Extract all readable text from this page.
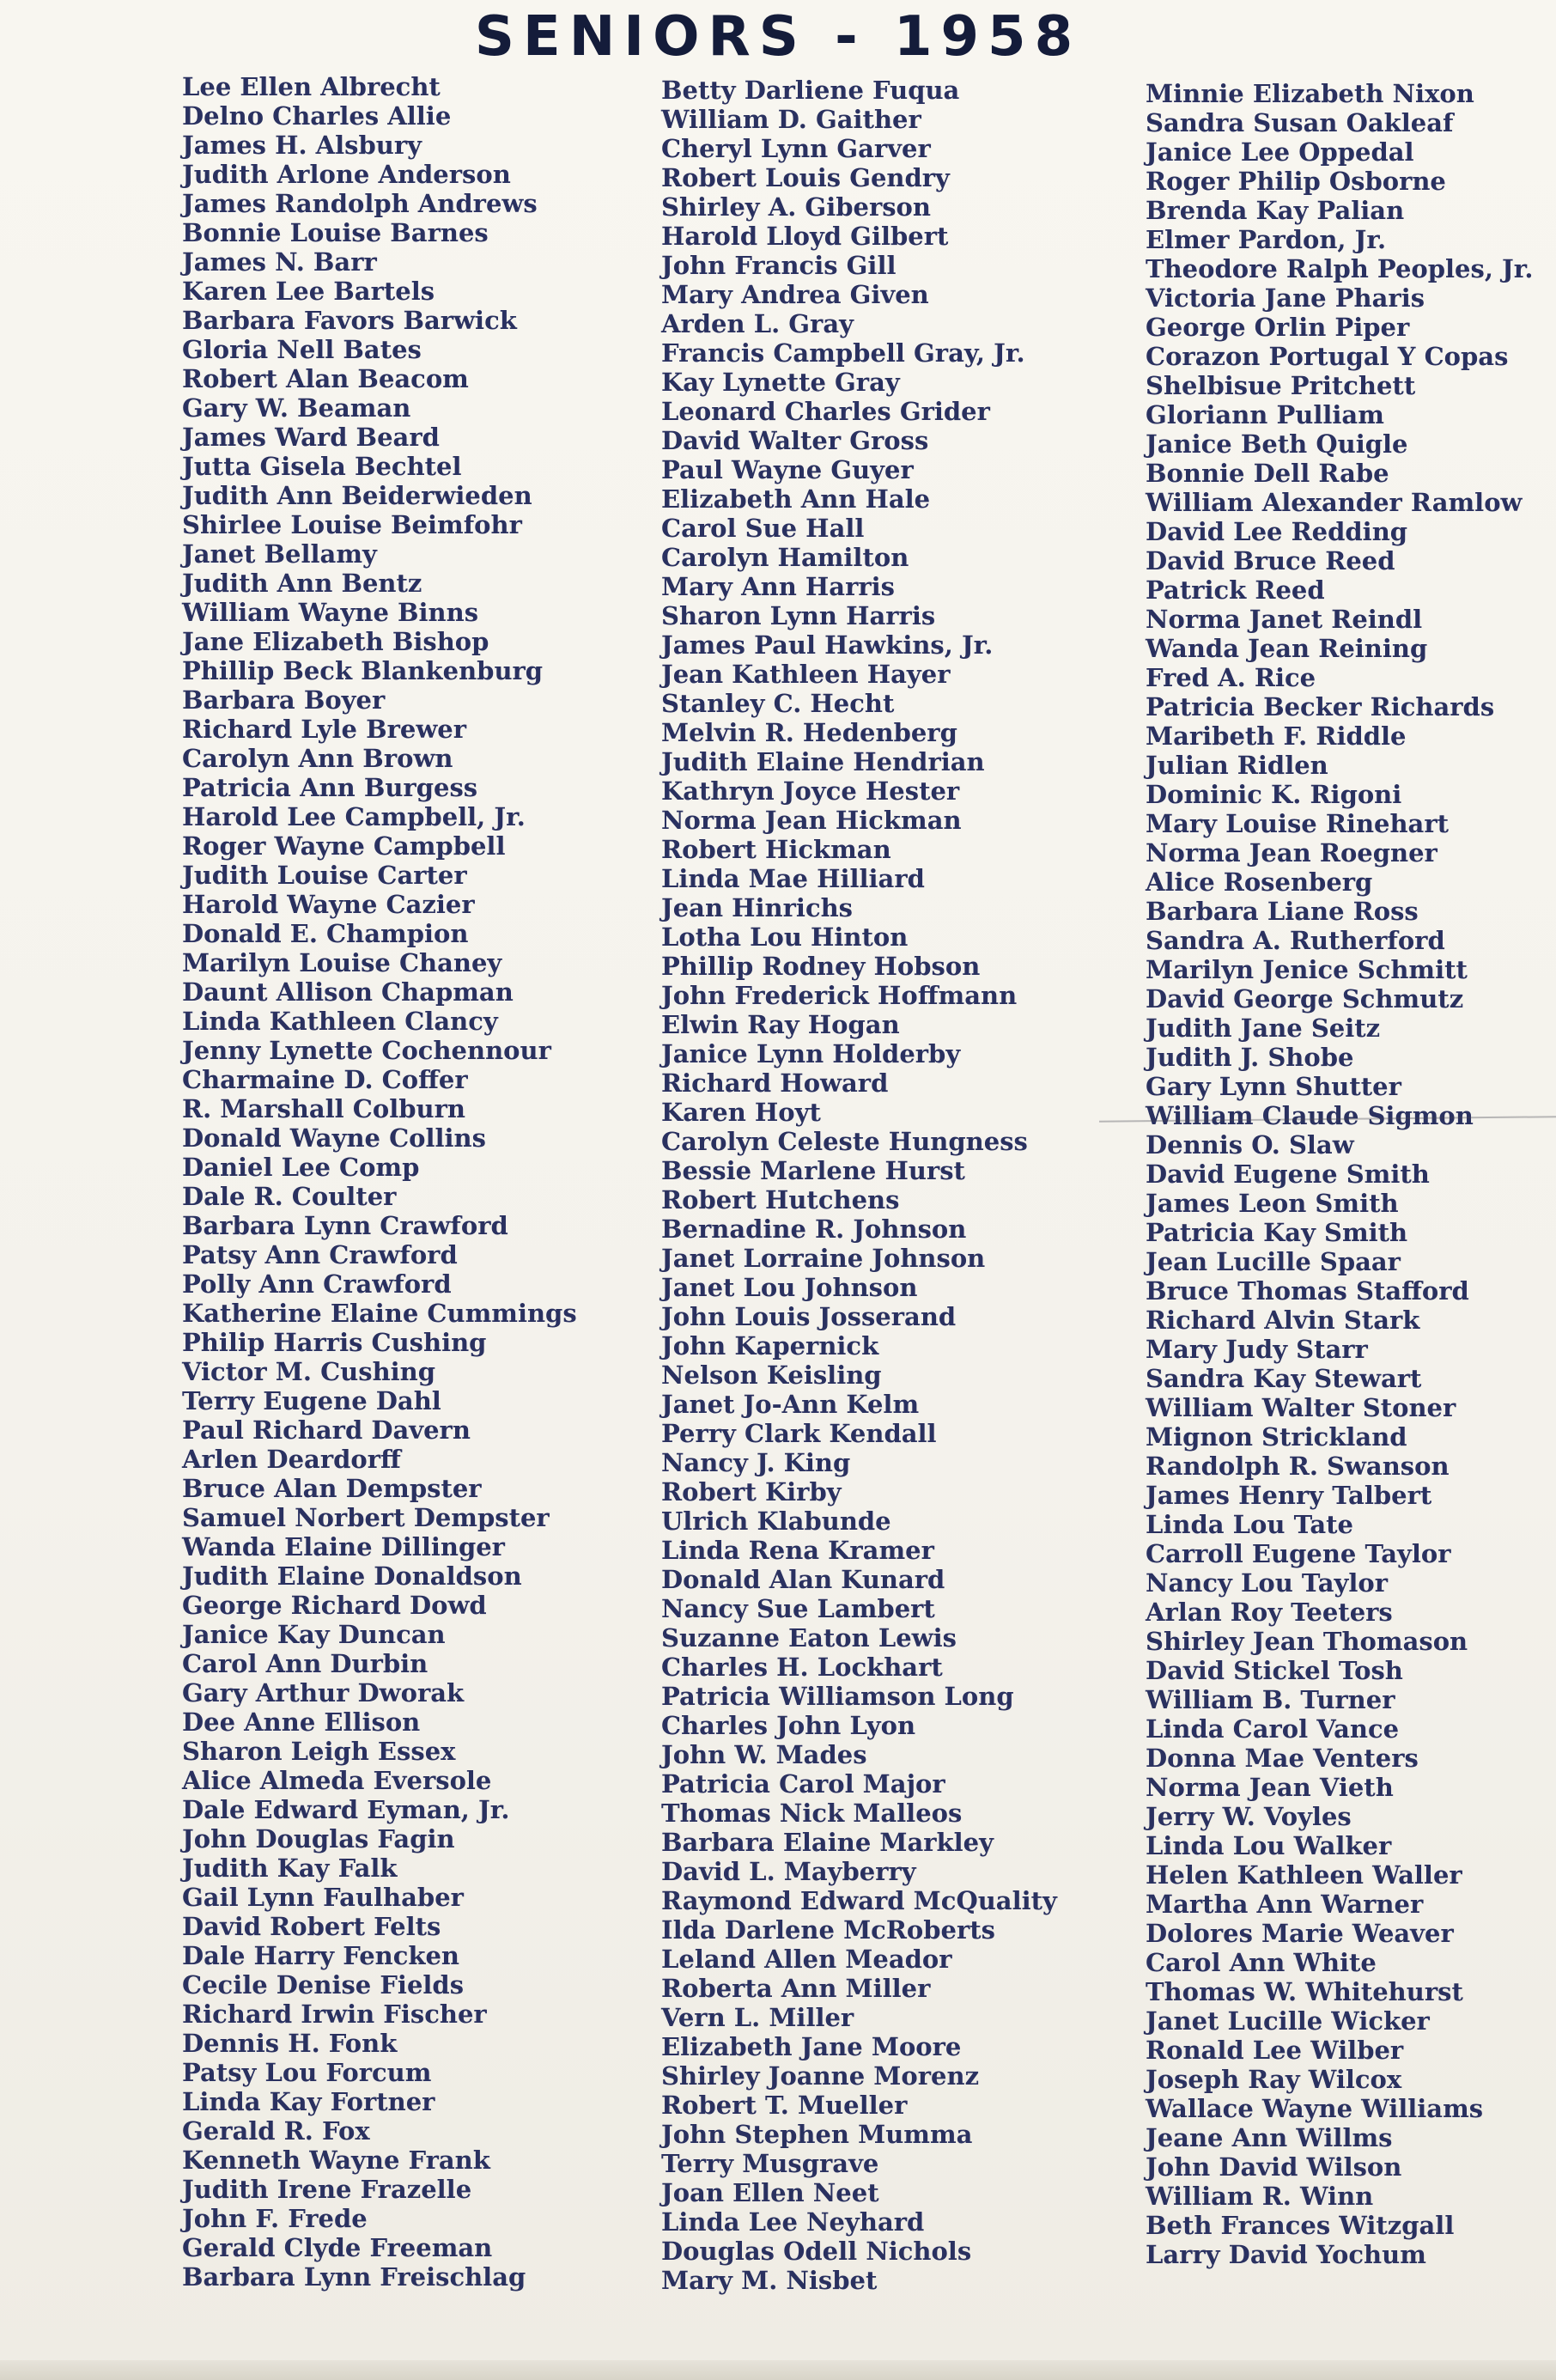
SENIORS - 1958
Lee Ellen Albrecht
Delno Charles Allie
James H. Alsbury
Judith Arlone Anderson
James Randolph Andrews
Bonnie Louise Barnes
James N. Barr
Karen Lee Bartels
Barbara Favors Barwick
Gloria Nell Bates
Robert Alan Beacom
Gary W. Beaman
James Ward Beard
Jutta Gisela Bechtel
Judith Ann Beiderwieden
Shirlee Louise Beimfohr
Janet Bellamy
Judith Ann Bentz
William Wayne Binns
Jane Elizabeth Bishop
Phillip Beck Blankenburg
Barbara Boyer
Richard Lyle Brewer
Carolyn Ann Brown
Patricia Ann Burgess
Harold Lee Campbell, Jr.
Roger Wayne Campbell
Judith Louise Carter
Harold Wayne Cazier
Donald E. Champion
Marilyn Louise Chaney
Daunt Allison Chapman
Linda Kathleen Clancy
Jenny Lynette Cochennour
Charmaine D. Coffer
R. Marshall Colburn
Donald Wayne Collins
Daniel Lee Comp
Dale R. Coulter
Barbara Lynn Crawford
Patsy Ann Crawford
Polly Ann Crawford
Katherine Elaine Cummings
Philip Harris Cushing
Victor M. Cushing
Terry Eugene Dahl
Paul Richard Davern
Arlen Deardorff
Bruce Alan Dempster
Samuel Norbert Dempster
Wanda Elaine Dillinger
Judith Elaine Donaldson
George Richard Dowd
Janice Kay Duncan
Carol Ann Durbin
Gary Arthur Dworak
Dee Anne Ellison
Sharon Leigh Essex
Alice Almeda Eversole
Dale Edward Eyman, Jr.
John Douglas Fagin
Judith Kay Falk
Gail Lynn Faulhaber
David Robert Felts
Dale Harry Fencken
Cecile Denise Fields
Richard Irwin Fischer
Dennis H. Fonk
Patsy Lou Forcum
Linda Kay Fortner
Gerald R. Fox
Kenneth Wayne Frank
Judith Irene Frazelle
John F. Frede
Gerald Clyde Freeman
Barbara Lynn Freischlag
Betty Darliene Fuqua
William D. Gaither
Cheryl Lynn Garver
Robert Louis Gendry
Shirley A. Giberson
Harold Lloyd Gilbert
John Francis Gill
Mary Andrea Given
Arden L. Gray
Francis Campbell Gray, Jr.
Kay Lynette Gray
Leonard Charles Grider
David Walter Gross
Paul Wayne Guyer
Elizabeth Ann Hale
Carol Sue Hall
Carolyn Hamilton
Mary Ann Harris
Sharon Lynn Harris
James Paul Hawkins, Jr.
Jean Kathleen Hayer
Stanley C. Hecht
Melvin R. Hedenberg
Judith Elaine Hendrian
Kathryn Joyce Hester
Norma Jean Hickman
Robert Hickman
Linda Mae Hilliard
Jean Hinrichs
Lotha Lou Hinton
Phillip Rodney Hobson
John Frederick Hoffmann
Elwin Ray Hogan
Janice Lynn Holderby
Richard Howard
Karen Hoyt
Carolyn Celeste Hungness
Bessie Marlene Hurst
Robert Hutchens
Bernadine R. Johnson
Janet Lorraine Johnson
Janet Lou Johnson
John Louis Josserand
John Kapernick
Nelson Keisling
Janet Jo-Ann Kelm
Perry Clark Kendall
Nancy J. King
Robert Kirby
Ulrich Klabunde
Linda Rena Kramer
Donald Alan Kunard
Nancy Sue Lambert
Suzanne Eaton Lewis
Charles H. Lockhart
Patricia Williamson Long
Charles John Lyon
John W. Mades
Patricia Carol Major
Thomas Nick Malleos
Barbara Elaine Markley
David L. Mayberry
Raymond Edward McQuality
Ilda Darlene McRoberts
Leland Allen Meador
Roberta Ann Miller
Vern L. Miller
Elizabeth Jane Moore
Shirley Joanne Morenz
Robert T. Mueller
John Stephen Mumma
Terry Musgrave
Joan Ellen Neet
Linda Lee Neyhard
Douglas Odell Nichols
Mary M. Nisbet
Minnie Elizabeth Nixon
Sandra Susan Oakleaf
Janice Lee Oppedal
Roger Philip Osborne
Brenda Kay Palian
Elmer Pardon, Jr.
Theodore Ralph Peoples, Jr.
Victoria Jane Pharis
George Orlin Piper
Corazon Portugal Y Copas
Shelbisue Pritchett
Gloriann Pulliam
Janice Beth Quigle
Bonnie Dell Rabe
William Alexander Ramlow
David Lee Redding
David Bruce Reed
Patrick Reed
Norma Janet Reindl
Wanda Jean Reining
Fred A. Rice
Patricia Becker Richards
Maribeth F. Riddle
Julian Ridlen
Dominic K. Rigoni
Mary Louise Rinehart
Norma Jean Roegner
Alice Rosenberg
Barbara Liane Ross
Sandra A. Rutherford
Marilyn Jenice Schmitt
David George Schmutz
Judith Jane Seitz
Judith J. Shobe
Gary Lynn Shutter
William Claude Sigmon
Dennis O. Slaw
David Eugene Smith
James Leon Smith
Patricia Kay Smith
Jean Lucille Spaar
Bruce Thomas Stafford
Richard Alvin Stark
Mary Judy Starr
Sandra Kay Stewart
William Walter Stoner
Mignon Strickland
Randolph R. Swanson
James Henry Talbert
Linda Lou Tate
Carroll Eugene Taylor
Nancy Lou Taylor
Arlan Roy Teeters
Shirley Jean Thomason
David Stickel Tosh
William B. Turner
Linda Carol Vance
Donna Mae Venters
Norma Jean Vieth
Jerry W. Voyles
Linda Lou Walker
Helen Kathleen Waller
Martha Ann Warner
Dolores Marie Weaver
Carol Ann White
Thomas W. Whitehurst
Janet Lucille Wicker
Ronald Lee Wilber
Joseph Ray Wilcox
Wallace Wayne Williams
Jeane Ann Willms
John David Wilson
William R. Winn
Beth Frances Witzgall
Larry David Yochum
